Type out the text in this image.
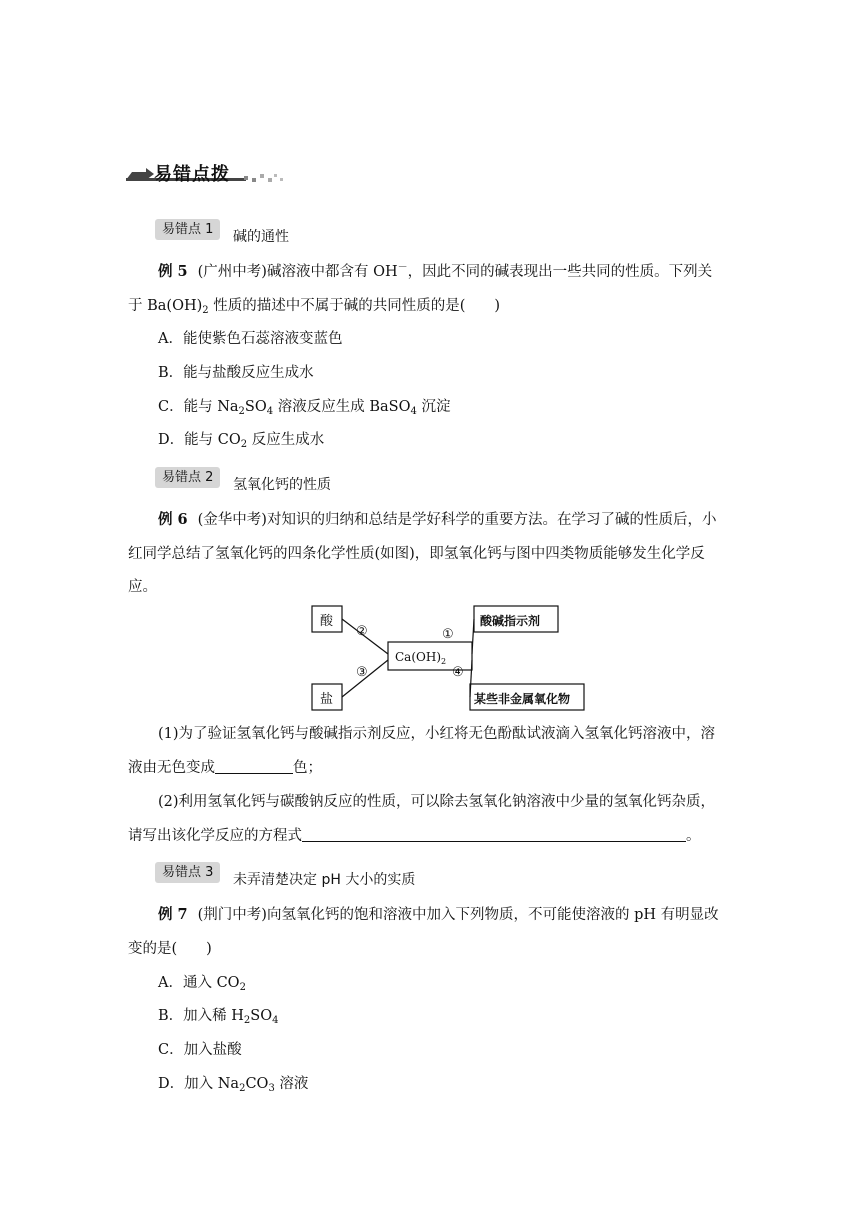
易错点拨
易错点 1	碱的通性
例 5 (广州中考)碱溶液中都含有 OH－，因此不同的碱表现出一些共同的性质。下列关
于 $Ba(OH)_2$ 性质的描述中不属于碱的共同性质的是(　　)
A．能使紫色石蕊溶液变蓝色
B．能与盐酸反应生成水
C．能与 $Na_2SO_4$ 溶液反应生成 BaSO$_4$ 沉淀
D．能与 $CO_2$ 反应生成水
易错点 2	氢氧化钙的性质
例 6 (金华中考)对知识的归纳和总结是学好科学的重要方法。在学习了碱的性质后，小
红同学总结了氢氧化钙的四条化学性质(如图)，即氢氧化钙与图中四类物质能够发生化学反
应。
酸
盐
酸碱指示剂
某些非金属氧化物
$Ca(OH)_2$
②
③
①
④
(1)为了验证氢氧化钙与酸碱指示剂反应，小红将无色酚酞试液滴入氢氧化钙溶液中，溶
液由无色变成	色；
(2)利用氢氧化钙与碳酸钠反应的性质，可以除去氢氧化钠溶液中少量的氢氧化钙杂质，
请写出该化学反应的方程式	。
易错点 3	未弄清楚决定 pH 大小的实质
例 7 (荆门中考)向氢氧化钙的饱和溶液中加入下列物质，不可能使溶液的 pH 有明显改
变的是(　　)
A．通入 $CO_2$
B．加入稀 $H_2SO_4$
C．加入盐酸
D．加入 $Na_2CO_3$ 溶液
